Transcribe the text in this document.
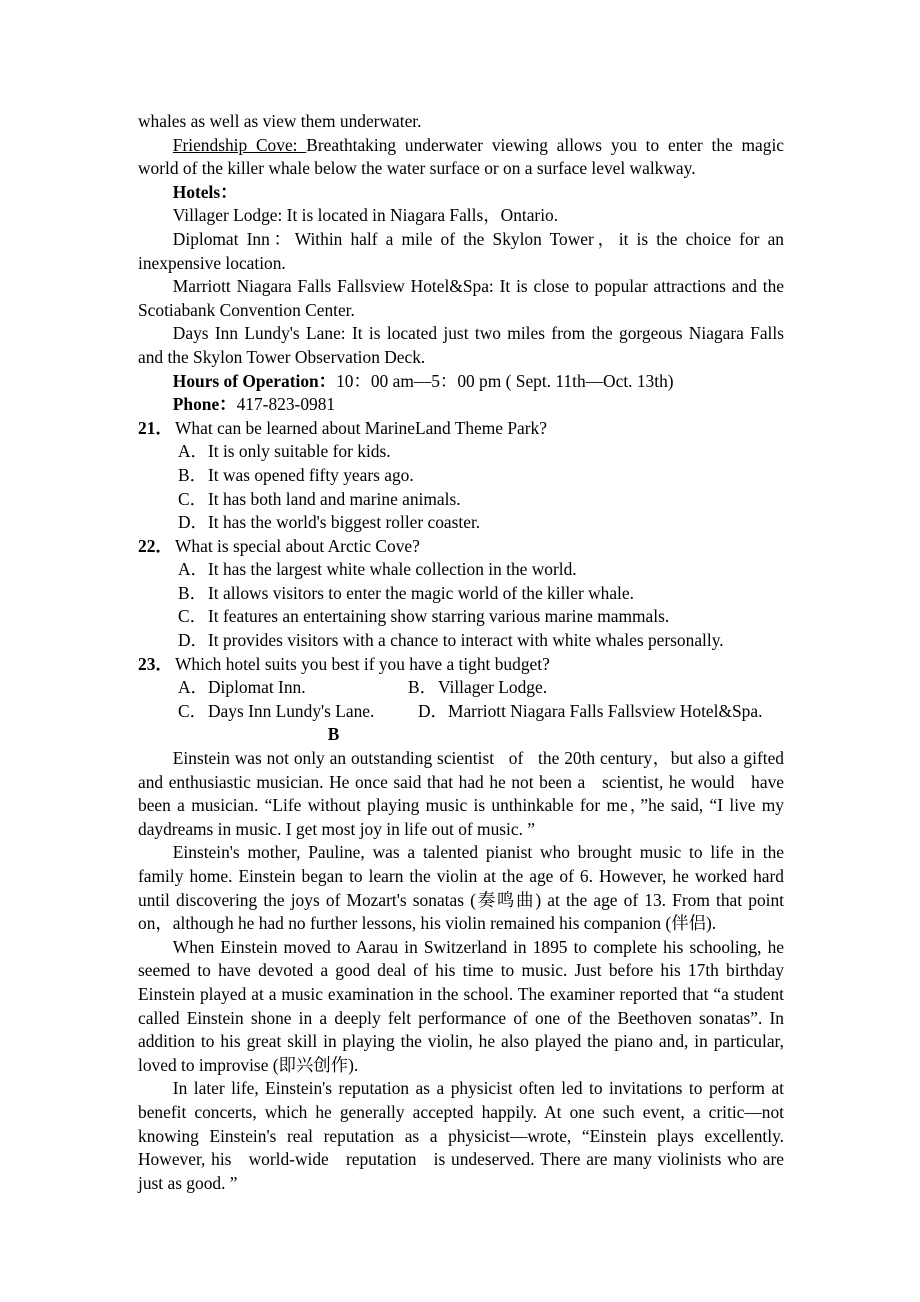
whales as well as view them underwater.

Friendship Cove: Breathtaking underwater viewing allows you to enter the magic world of the killer whale below the water surface or on a surface level walkway.

Hotels：

Villager Lodge: It is located in Niagara Falls，Ontario.

Diplomat Inn：Within half a mile of the Skylon Tower，it is the choice for an inexpensive location.

Marriott Niagara Falls Fallsview Hotel&Spa: It is close to popular attractions and the Scotiabank Convention Center.

Days Inn Lundy's Lane: It is located just two miles from the gorgeous Niagara Falls and the Skylon Tower Observation Deck.

Hours of Operation：10：00 am—5：00 pm ( Sept. 11th—Oct. 13th)

Phone：417-823-0981

21． What can be learned about MarineLand Theme Park?
A． It is only suitable for kids.
B． It was opened fifty years ago.
C． It has both land and marine animals.
D． It has the world's biggest roller coaster.
22． What is special about Arctic Cove?
A． It has the largest white whale collection in the world.
B． It allows visitors to enter the magic world of the killer whale.
C． It features an entertaining show starring various marine mammals.
D． It provides visitors with a chance to interact with white whales personally.
23． Which hotel suits you best if you have a tight budget?
A． Diplomat Inn.	B． Villager Lodge.
C． Days Inn Lundy's Lane.	D． Marriott Niagara Falls Fallsview Hotel&Spa.
B

Einstein was not only an outstanding scientist   of   the 20th century，but also a gifted and enthusiastic musician. He once said that had he not been a   scientist, he would   have been a musician. “Life without playing music is unthinkable for me，”he said, “I live my daydreams in music. I get most joy in life out of music. ”

Einstein's mother, Pauline, was a talented pianist who brought music to life in the family home. Einstein began to learn the violin at the age of 6. However, he worked hard until discovering the joys of Mozart's sonatas (奏鸣曲) at the age of 13. From that point on，although he had no further lessons, his violin remained his companion (伴侣).

When Einstein moved to Aarau in Switzerland in 1895 to complete his schooling, he seemed to have devoted a good deal of his time to music. Just before his 17th birthday Einstein played at a music examination in the school. The examiner reported that “a student called Einstein shone in a deeply felt performance of one of the Beethoven sonatas”. In addition to his great skill in playing the violin, he also played the piano and, in particular, loved to improvise (即兴创作).

In later life, Einstein's reputation as a physicist often led to invitations to perform at benefit concerts, which he generally accepted happily. At one such event, a critic—not knowing Einstein's real reputation as a physicist—wrote, “Einstein plays excellently.   However, his   world-wide   reputation   is undeserved. There are many violinists who are just as good. ”
